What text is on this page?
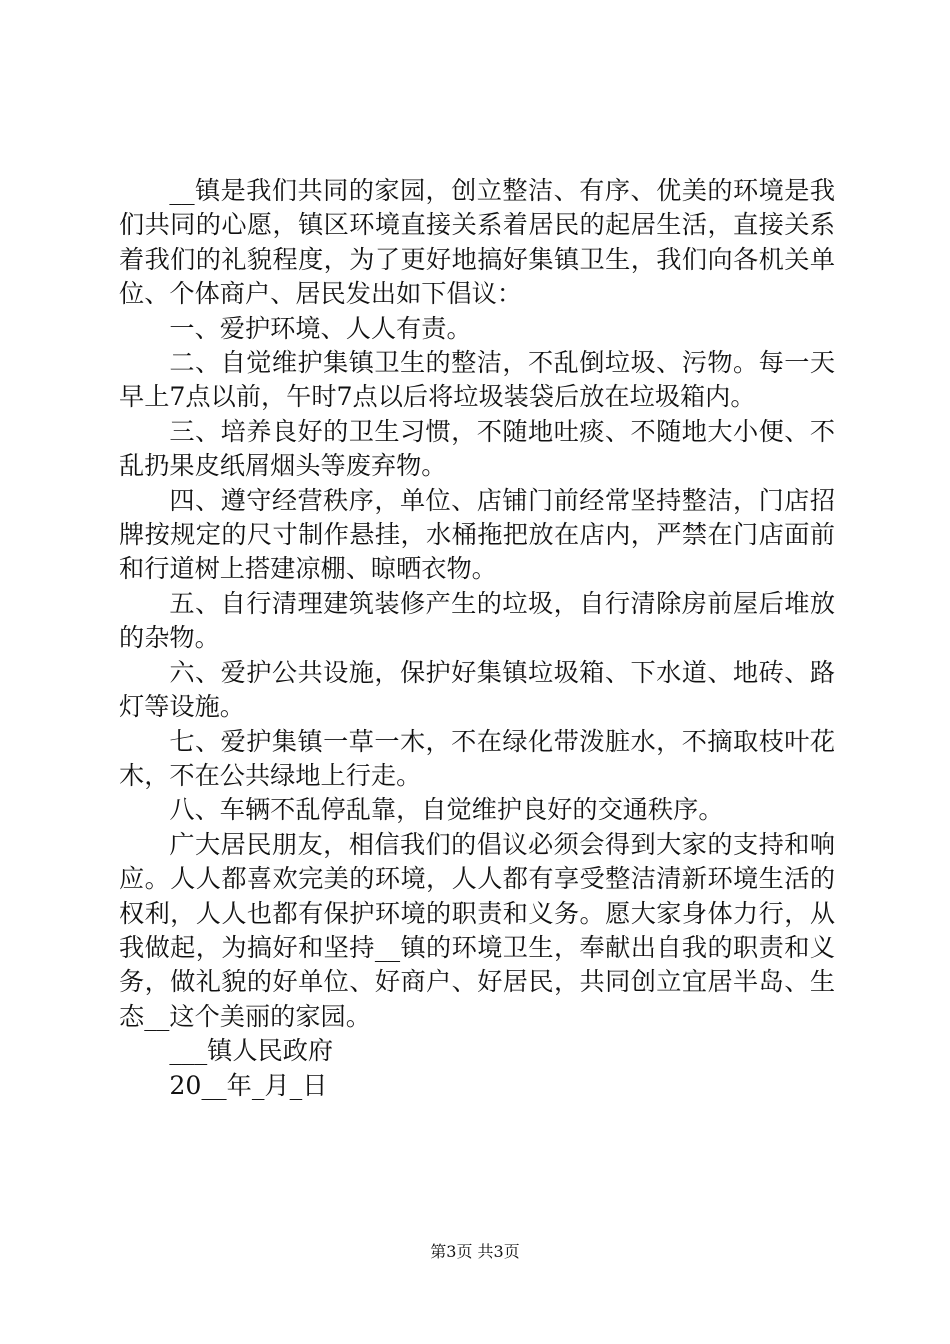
__镇是我们共同的家园，创立整洁、有序、优美的环境是我们共同的心愿，镇区环境直接关系着居民的起居生活，直接关系着我们的礼貌程度，为了更好地搞好集镇卫生，我们向各机关单位、个体商户、居民发出如下倡议：

一、爱护环境、人人有责。

二、自觉维护集镇卫生的整洁，不乱倒垃圾、污物。每一天早上7点以前，午时7点以后将垃圾装袋后放在垃圾箱内。

三、培养良好的卫生习惯，不随地吐痰、不随地大小便、不乱扔果皮纸屑烟头等废弃物。

四、遵守经营秩序，单位、店铺门前经常坚持整洁，门店招牌按规定的尺寸制作悬挂，水桶拖把放在店内，严禁在门店面前和行道树上搭建凉棚、晾晒衣物。

五、自行清理建筑装修产生的垃圾，自行清除房前屋后堆放的杂物。

六、爱护公共设施，保护好集镇垃圾箱、下水道、地砖、路灯等设施。

七、爱护集镇一草一木，不在绿化带泼脏水，不摘取枝叶花木，不在公共绿地上行走。

八、车辆不乱停乱靠，自觉维护良好的交通秩序。

广大居民朋友，相信我们的倡议必须会得到大家的支持和响应。人人都喜欢完美的环境，人人都有享受整洁清新环境生活的权利，人人也都有保护环境的职责和义务。愿大家身体力行，从我做起，为搞好和坚持__镇的环境卫生，奉献出自我的职责和义务，做礼貌的好单位、好商户、好居民，共同创立宜居半岛、生态__这个美丽的家园。

___镇人民政府

20__年_月_日

第3页 共3页
